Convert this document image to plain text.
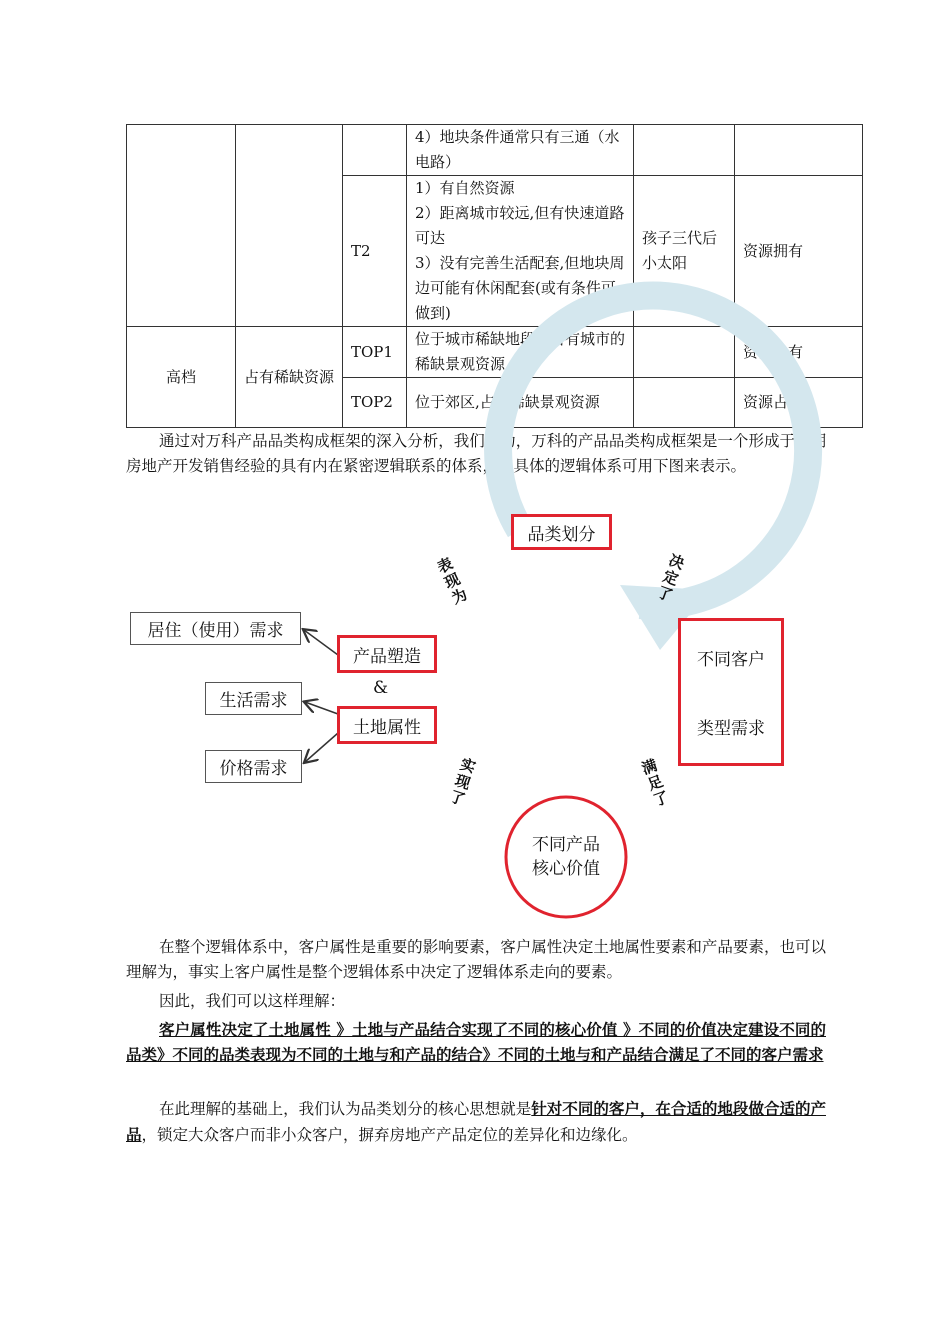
			4）地块条件通常只有三通（水电路）		
		T2	1）有自然资源
2）距离城市较远,但有快速道路可达
3）没有完善生活配套,但地块周边可能有休闲配套(或有条件可做到)	孩子三代后小太阳	资源拥有
高档	占有稀缺资源	TOP1	位于城市稀缺地段或占有城市的稀缺景观资源		资源占有
		TOP2	位于郊区,占有稀缺景观资源		资源占有
通过对万科产品品类构成框架的深入分析，我们认为，万科的产品品类构成框架是一个形成于长期房地产开发销售经验的具有内在紧密逻辑联系的体系，其具体的逻辑体系可用下图来表示。
品类划分
不同客户
类型需求
不同产品
核心价值
产品塑造
&
土地属性
居住（使用）需求
生活需求
价格需求
表
现
为
决
定
了
满
足
了
实
现
了
在整个逻辑体系中，客户属性是重要的影响要素，客户属性决定土地属性要素和产品要素，也可以理解为，事实上客户属性是整个逻辑体系中决定了逻辑体系走向的要素。
因此，我们可以这样理解：
客户属性决定了土地属性 》土地与产品结合实现了不同的核心价值 》不同的价值决定建设不同的品类》不同的品类表现为不同的土地与和产品的结合》不同的土地与和产品结合满足了不同的客户需求
在此理解的基础上，我们认为品类划分的核心思想就是针对不同的客户，在合适的地段做合适的产品，锁定大众客户而非小众客户，摒弃房地产产品定位的差异化和边缘化。
